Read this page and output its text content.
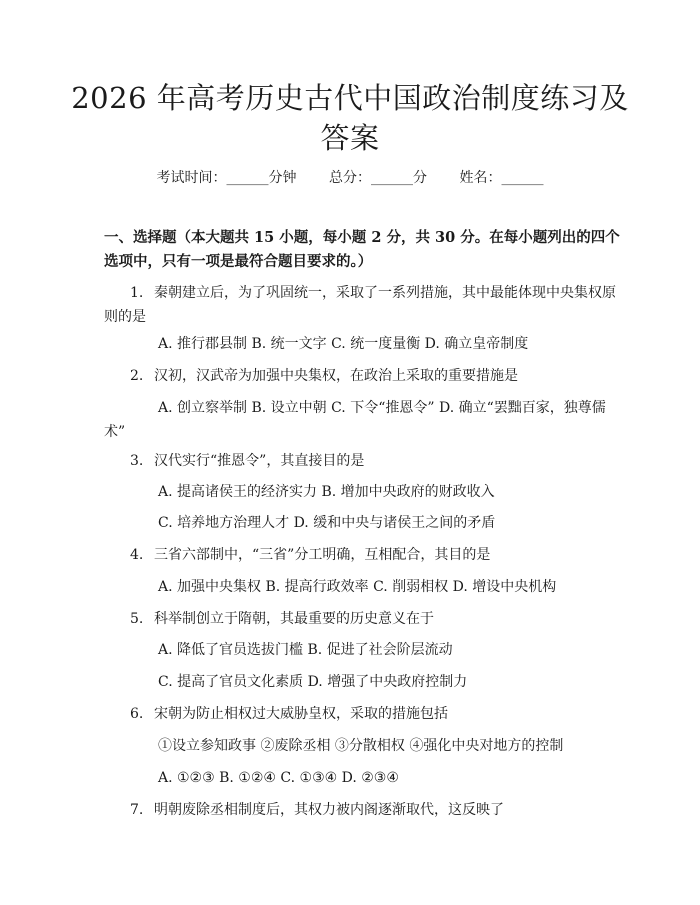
2026 年高考历史古代中国政治制度练习及答案
考试时间：______分钟 总分：______分 姓名：______

一、选择题（本大题共 15 小题，每小题 2 分，共 30 分。在每小题列出的四个选项中，只有一项是最符合题目要求的。）

1. 秦朝建立后，为了巩固统一，采取了一系列措施，其中最能体现中央集权原则的是

A. 推行郡县制 B. 统一文字 C. 统一度量衡 D. 确立皇帝制度

2. 汉初，汉武帝为加强中央集权，在政治上采取的重要措施是

A. 创立察举制 B. 设立中朝 C. 下令“推恩令” D. 确立“罢黜百家，独尊儒术”

3. 汉代实行“推恩令”，其直接目的是

A. 提高诸侯王的经济实力 B. 增加中央政府的财政收入

C. 培养地方治理人才 D. 缓和中央与诸侯王之间的矛盾

4. 三省六部制中，“三省”分工明确，互相配合，其目的是

A. 加强中央集权 B. 提高行政效率 C. 削弱相权 D. 增设中央机构

5. 科举制创立于隋朝，其最重要的历史意义在于

A. 降低了官员选拔门槛 B. 促进了社会阶层流动

C. 提高了官员文化素质 D. 增强了中央政府控制力

6. 宋朝为防止相权过大威胁皇权，采取的措施包括

①设立参知政事 ②废除丞相 ③分散相权 ④强化中央对地方的控制

A. ①②③ B. ①②④ C. ①③④ D. ②③④

7. 明朝废除丞相制度后，其权力被内阁逐渐取代，这反映了
